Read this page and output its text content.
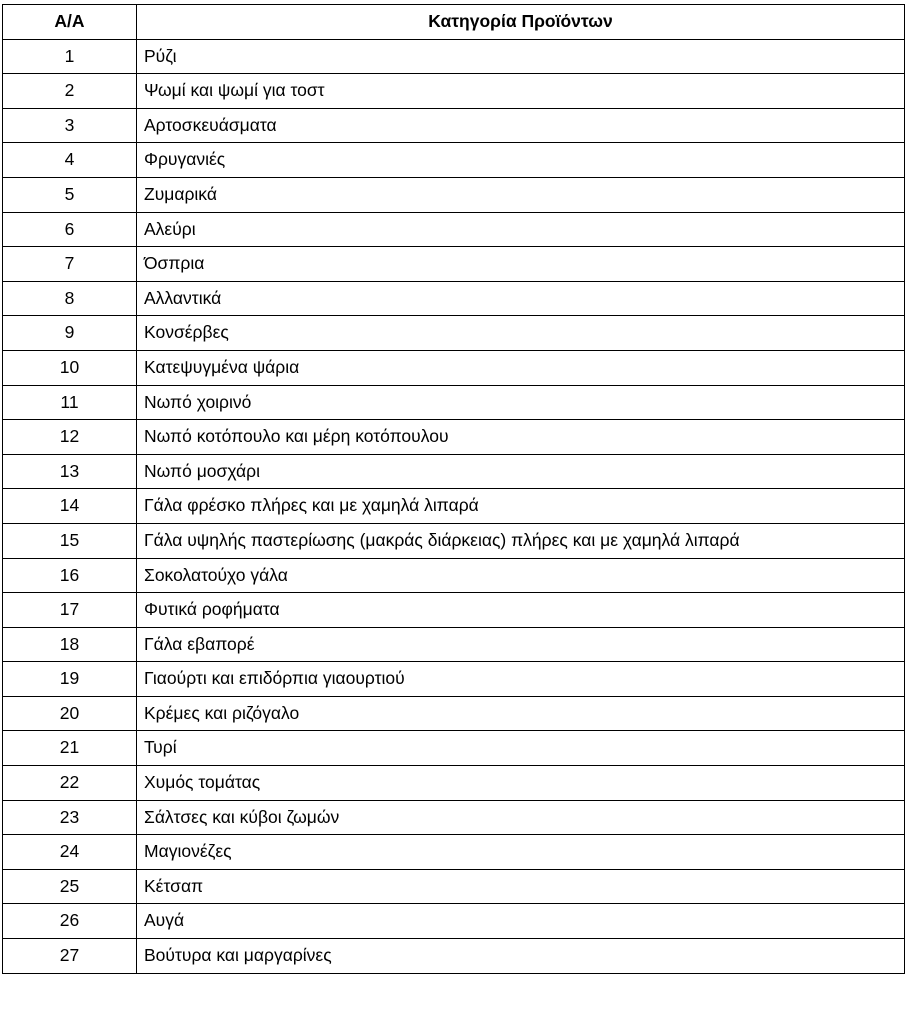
Α/Α	Κατηγορία Προϊόντων
1	Ρύζι
2	Ψωμί και ψωμί για τοστ
3	Αρτοσκευάσματα
4	Φρυγανιές
5	Ζυμαρικά
6	Αλεύρι
7	Όσπρια
8	Αλλαντικά
9	Κονσέρβες
10	Κατεψυγμένα ψάρια
11	Νωπό χοιρινό
12	Νωπό κοτόπουλο και μέρη κοτόπουλου
13	Νωπό μοσχάρι
14	Γάλα φρέσκο πλήρες και με χαμηλά λιπαρά
15	Γάλα υψηλής παστερίωσης (μακράς διάρκειας) πλήρες και με χαμηλά λιπαρά
16	Σοκολατούχο γάλα
17	Φυτικά ροφήματα
18	Γάλα εβαπορέ
19	Γιαούρτι και επιδόρπια γιαουρτιού
20	Κρέμες και ριζόγαλο
21	Τυρί
22	Χυμός τομάτας
23	Σάλτσες και κύβοι ζωμών
24	Μαγιονέζες
25	Κέτσαπ
26	Αυγά
27	Βούτυρα και μαργαρίνες
